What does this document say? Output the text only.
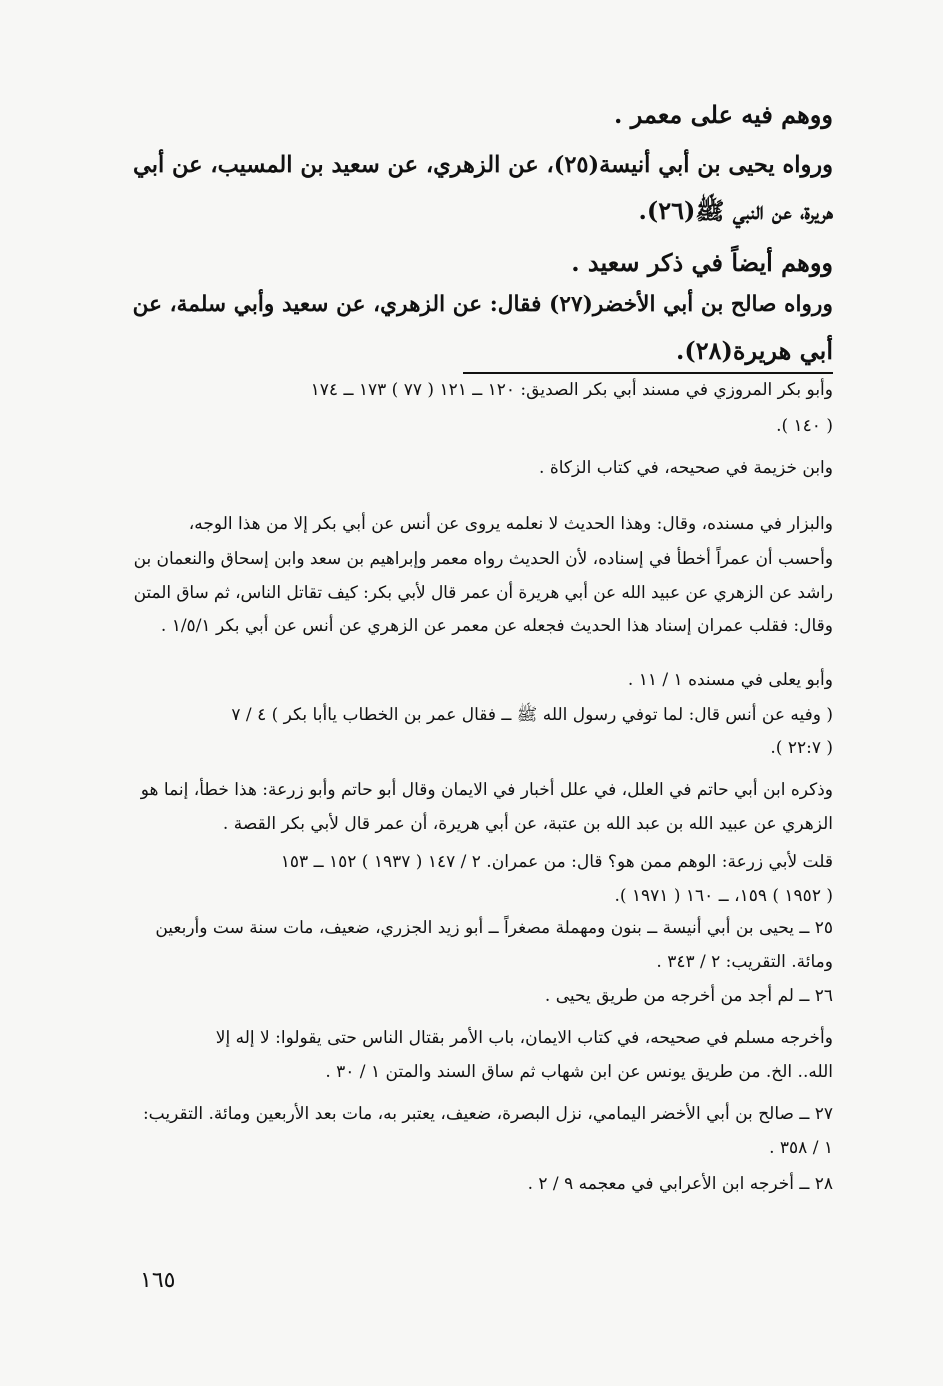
ووهم فيه على معمر .
ورواه يحيى بن أبي أنيسة(٢٥)، عن الزهري، عن سعيد بن المسيب، عن أبي
هريرة، عن النبي ﷺ(٢٦).
ووهم أيضاً في ذكر سعيد .
ورواه صالح بن أبي الأخضر(٢٧) فقال: عن الزهري، عن سعيد وأبي سلمة، عن
أبي هريرة(٢٨).
وأبو بكر المروزي في مسند أبي بكر الصديق: ١٢٠ ــ ١٢١ ( ٧٧ ) ١٧٣ ــ ١٧٤
( ١٤٠ ).
وابن خزيمة في صحيحه، في كتاب الزكاة .
والبزار في مسنده، وقال: وهذا الحديث لا نعلمه يروى عن أنس عن أبي بكر إلا من هذا الوجه،
وأحسب أن عمراً أخطأ في إسناده، لأن الحديث رواه معمر وإبراهيم بن سعد وابن إسحاق والنعمان بن
راشد عن الزهري عن عبيد الله عن أبي هريرة أن عمر قال لأبي بكر: كيف تقاتل الناس، ثم ساق المتن
وقال: فقلب عمران إسناد هذا الحديث فجعله عن معمر عن الزهري عن أنس عن أبي بكر ١/٥/١ .
وأبو يعلى في مسنده ١ / ١١ .
( وفيه عن أنس قال: لما توفي رسول الله ﷺ ــ فقال عمر بن الخطاب ياأبا بكر ) ٤ / ٧
( ٢٢:٧ ).
وذكره ابن أبي حاتم في العلل، في علل أخبار في الايمان وقال أبو حاتم وأبو زرعة: هذا خطأ، إنما هو
الزهري عن عبيد الله بن عبد الله بن عتبة، عن أبي هريرة، أن عمر قال لأبي بكر القصة .
قلت لأبي زرعة: الوهم ممن هو؟ قال: من عمران. ٢ / ١٤٧ ( ١٩٣٧ ) ١٥٢ ــ ١٥٣
( ١٩٥٢ ) ١٥٩، ــ ١٦٠ ( ١٩٧١ ).
٢٥ ــ يحيى بن أبي أنيسة ــ بنون ومهملة مصغراً ــ أبو زيد الجزري، ضعيف، مات سنة ست وأربعين
ومائة. التقريب: ٢ / ٣٤٣ .
٢٦ ــ لم أجد من أخرجه من طريق يحيى .
وأخرجه مسلم في صحيحه، في كتاب الايمان، باب الأمر بقتال الناس حتى يقولوا: لا إله إلا
الله.. الخ. من طريق يونس عن ابن شهاب ثم ساق السند والمتن ١ / ٣٠ .
٢٧ ــ صالح بن أبي الأخضر اليمامي، نزل البصرة، ضعيف، يعتبر به، مات بعد الأربعين ومائة. التقريب:
١ / ٣٥٨ .
٢٨ ــ أخرجه ابن الأعرابي في معجمه ٩ / ٢ .
١٦٥
